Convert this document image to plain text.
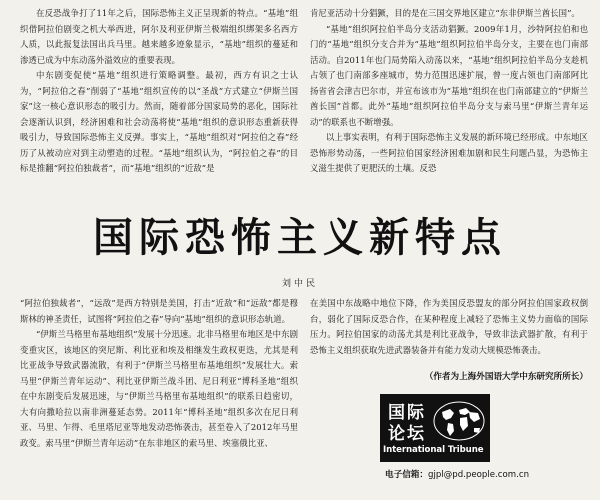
在反恐战争打了11年之后，国际恐怖主义正呈现新的特点。“基地”组织借阿拉伯剧变之机大举西进，阿尔及利亚伊斯兰极端组织绑架多名西方人质，以此报复法国出兵马里。越来越多迹象显示，“基地”组织的蔓延和渗透已成为中东动荡外溢效应的重要表现。

中东剧变促使“基地”组织进行策略调整。最初，西方有识之士认为，“阿拉伯之春”削弱了“基地”组织宣传的以“圣战”方式建立“伊斯兰国家”这一核心意识形态的吸引力。然而，随着部分国家局势的恶化，国际社会逐渐认识到，经济困难和社会动荡将使“基地”组织的意识形态重新获得吸引力，导致国际恐怖主义反弹。事实上，“基地”组织对“阿拉伯之春”经历了从被动应对到主动塑造的过程。“基地”组织认为，“阿拉伯之春”的目标是推翻“阿拉伯独裁者”，而“基地”组织的“近敌”是

肯尼亚活动十分猖獗，目的是在三国交界地区建立“东非伊斯兰酋长国”。

“基地”组织阿拉伯半岛分支活动猖獗。2009年1月，沙特阿拉伯和也门的“基地”组织分支合并为“基地”组织阿拉伯半岛分支，主要在也门南部活动。自2011年也门局势陷入动荡以来，“基地”组织阿拉伯半岛分支趁机占领了也门南部多座城市，势力范围迅速扩展，曾一度占领也门南部阿比扬省省会津吉巴尔市，并宣布该市为“基地”组织在也门南部建立的“伊斯兰酋长国”首都。此外“基地”组织阿拉伯半岛分支与索马里“伊斯兰青年运动”的联系也不断增强。

以上事实表明，有利于国际恐怖主义发展的新环境已经形成。中东地区恐怖形势动荡，一些阿拉伯国家经济困难加剧和民生问题凸显，为恐怖主义滋生提供了更肥沃的土壤。反恐

国际恐怖主义新特点
刘中民

“阿拉伯独裁者”，“远敌”是西方特别是美国，打击“近敌”和“远敌”都是穆斯林的神圣责任，试图将“阿拉伯之春”导向“基地”组织的意识形态轨道。

“伊斯兰马格里布基地组织”发展十分迅速。北非马格里布地区是中东剧变重灾区，该地区的突尼斯、利比亚和埃及相继发生政权更迭，尤其是利比亚战争导致武器流散，有利于“伊斯兰马格里布基地组织”发展壮大。索马里“伊斯兰青年运动”、利比亚伊斯兰战斗团、尼日利亚“博科圣地”组织在中东剧变后发展迅速，与“伊斯兰马格里布基地组织”的联系日趋密切，大有向撒哈拉以南非洲蔓延态势。2011年“博科圣地”组织多次在尼日利亚、马里、乍得、毛里塔尼亚等地发动恐怖袭击，甚至卷入了2012年马里政变。索马里“伊斯兰青年运动”在东非地区的索马里、埃塞俄比亚、

在美国中东战略中地位下降，作为美国反恐盟友的部分阿拉伯国家政权倒台，弱化了国际反恐合作，在某种程度上减轻了恐怖主义势力面临的国际压力。阿拉伯国家的动荡尤其是利比亚战争，导致非法武器扩散，有利于恐怖主义组织获取先进武器装备并有能力发动大规模恐怖袭击。

（作者为上海外国语大学中东研究所所长）
国际
论坛
International Tribune
电子信箱：gjpl@pd.people.com.cn
